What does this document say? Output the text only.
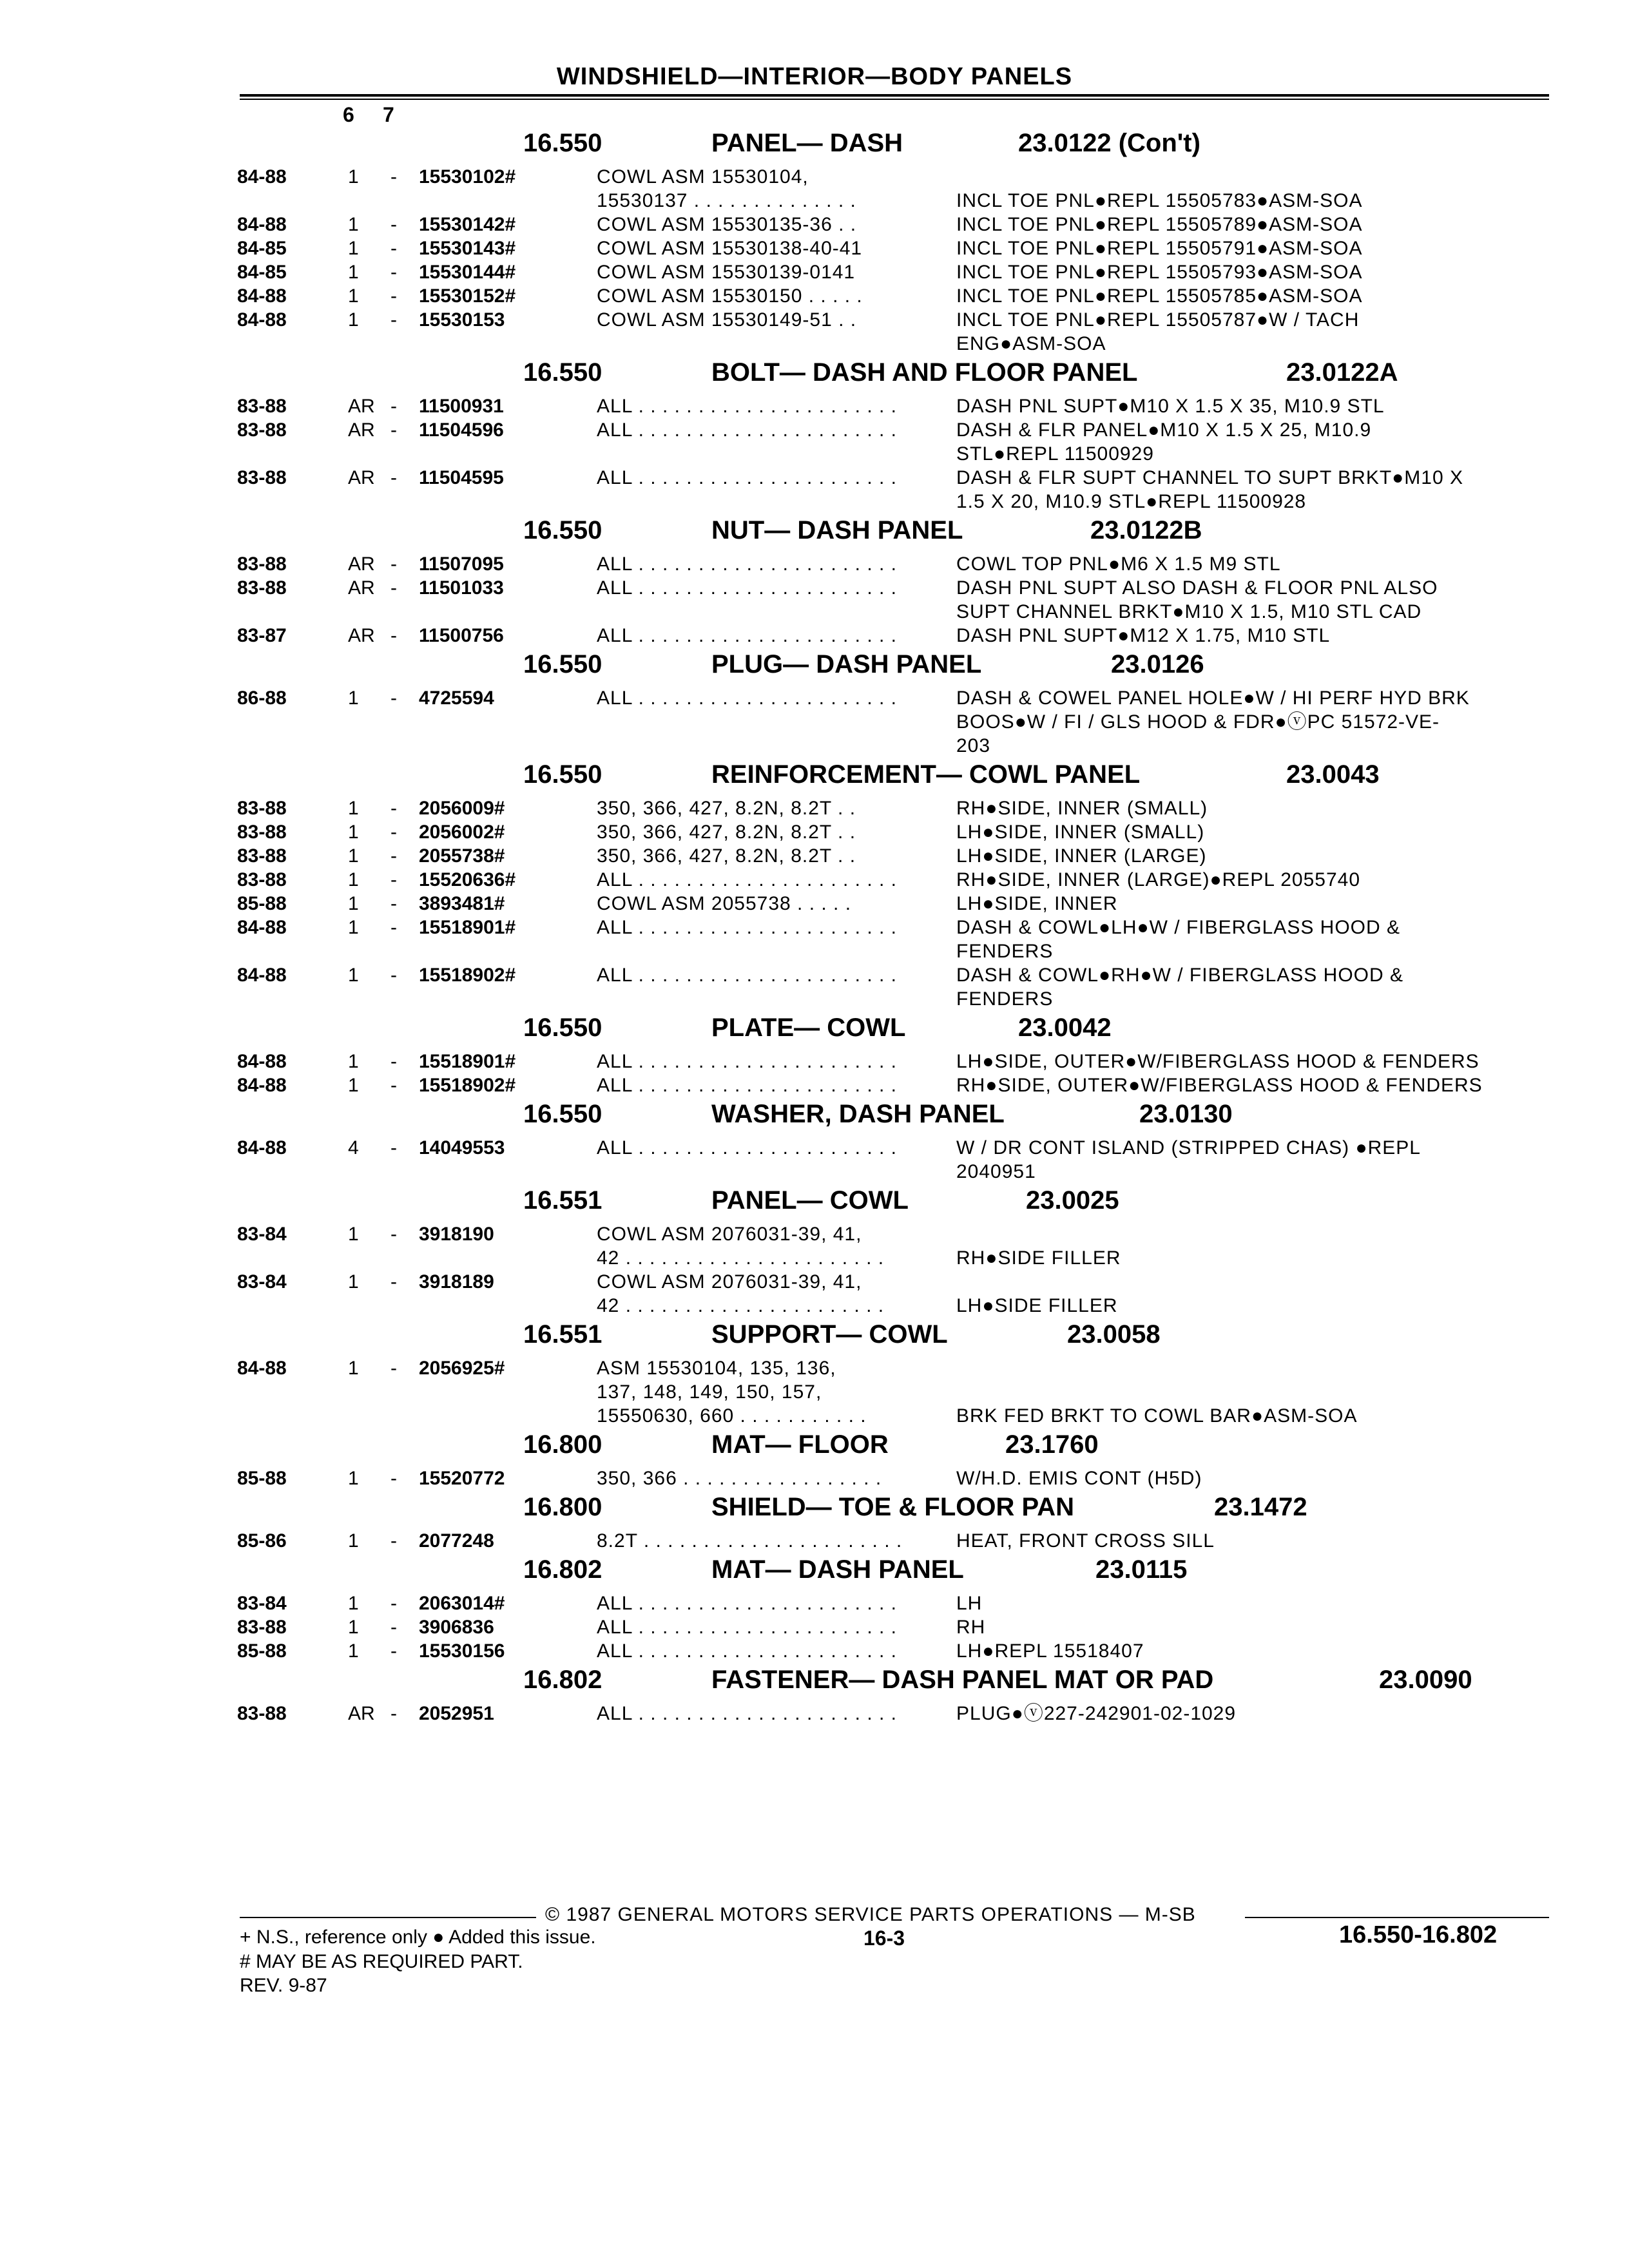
WINDSHIELD—INTERIOR—BODY PANELS
6 7
16.550	PANEL— DASH	23.0122 (Con't)
84-88	1 - 15530102#	COWL ASM 15530104,
15530137 . . . . . . . . . . . . . .	INCL TOE PNL●REPL 15505783●ASM-SOA
84-88	1 - 15530142#	COWL ASM 15530135-36 . .	INCL TOE PNL●REPL 15505789●ASM-SOA
84-85	1 - 15530143#	COWL ASM 15530138-40-41	INCL TOE PNL●REPL 15505791●ASM-SOA
84-85	1 - 15530144#	COWL ASM 15530139-0141	INCL TOE PNL●REPL 15505793●ASM-SOA
84-88	1 - 15530152#	COWL ASM 15530150 . . . . .	INCL TOE PNL●REPL 15505785●ASM-SOA
84-88	1 - 15530153	COWL ASM 15530149-51 . .	INCL TOE PNL●REPL 15505787●W / TACH
ENG●ASM-SOA
16.550	BOLT— DASH AND FLOOR PANEL	23.0122A
83-88	AR - 11500931	ALL . . . . . . . . . . . . . . . . . . . . . .	DASH PNL SUPT●M10 X 1.5 X 35, M10.9 STL
83-88	AR - 11504596	ALL . . . . . . . . . . . . . . . . . . . . . .	DASH & FLR PANEL●M10 X 1.5 X 25, M10.9
STL●REPL 11500929
83-88	AR - 11504595	ALL . . . . . . . . . . . . . . . . . . . . . .	DASH & FLR SUPT CHANNEL TO SUPT BRKT●M10 X
1.5 X 20, M10.9 STL●REPL 11500928
16.550	NUT— DASH PANEL	23.0122B
83-88	AR - 11507095	ALL . . . . . . . . . . . . . . . . . . . . . .	COWL TOP PNL●M6 X 1.5 M9 STL
83-88	AR - 11501033	ALL . . . . . . . . . . . . . . . . . . . . . .	DASH PNL SUPT ALSO DASH & FLOOR PNL ALSO
SUPT CHANNEL BRKT●M10 X 1.5, M10 STL CAD
83-87	AR - 11500756	ALL . . . . . . . . . . . . . . . . . . . . . .	DASH PNL SUPT●M12 X 1.75, M10 STL
16.550	PLUG— DASH PANEL	23.0126
86-88	1 - 4725594	ALL . . . . . . . . . . . . . . . . . . . . . .	DASH & COWEL PANEL HOLE●W / HI PERF HYD BRK
BOOS●W / FI / GLS HOOD & FDR●ⓥPC 51572-VE-
203
16.550	REINFORCEMENT— COWL PANEL	23.0043
83-88	1 - 2056009#	350, 366, 427, 8.2N, 8.2T . .	RH●SIDE, INNER (SMALL)
83-88	1 - 2056002#	350, 366, 427, 8.2N, 8.2T . .	LH●SIDE, INNER (SMALL)
83-88	1 - 2055738#	350, 366, 427, 8.2N, 8.2T . .	LH●SIDE, INNER (LARGE)
83-88	1 - 15520636#	ALL . . . . . . . . . . . . . . . . . . . . . .	RH●SIDE, INNER (LARGE)●REPL 2055740
85-88	1 - 3893481#	COWL ASM 2055738 . . . . .	LH●SIDE, INNER
84-88	1 - 15518901#	ALL . . . . . . . . . . . . . . . . . . . . . .	DASH & COWL●LH●W / FIBERGLASS HOOD &
FENDERS
84-88	1 - 15518902#	ALL . . . . . . . . . . . . . . . . . . . . . .	DASH & COWL●RH●W / FIBERGLASS HOOD &
FENDERS
16.550	PLATE— COWL	23.0042
84-88	1 - 15518901#	ALL . . . . . . . . . . . . . . . . . . . . . .	LH●SIDE, OUTER●W/FIBERGLASS HOOD & FENDERS
84-88	1 - 15518902#	ALL . . . . . . . . . . . . . . . . . . . . . .	RH●SIDE, OUTER●W/FIBERGLASS HOOD & FENDERS
16.550	WASHER, DASH PANEL	23.0130
84-88	4 - 14049553	ALL . . . . . . . . . . . . . . . . . . . . . .	W / DR CONT ISLAND (STRIPPED CHAS) ●REPL
2040951
16.551	PANEL— COWL	23.0025
83-84	1 - 3918190	COWL ASM 2076031-39, 41,
42 . . . . . . . . . . . . . . . . . . . . . .	RH●SIDE FILLER
83-84	1 - 3918189	COWL ASM 2076031-39, 41,
42 . . . . . . . . . . . . . . . . . . . . . .	LH●SIDE FILLER
16.551	SUPPORT— COWL	23.0058
84-88	1 - 2056925#	ASM 15530104, 135, 136,
137, 148, 149, 150, 157,
15550630, 660 . . . . . . . . . . .	BRK FED BRKT TO COWL BAR●ASM-SOA
16.800	MAT— FLOOR	23.1760
85-88	1 - 15520772	350, 366 . . . . . . . . . . . . . . . . .	W/H.D. EMIS CONT (H5D)
16.800	SHIELD— TOE & FLOOR PAN	23.1472
85-86	1 - 2077248	8.2T . . . . . . . . . . . . . . . . . . . . . .	HEAT, FRONT CROSS SILL
16.802	MAT— DASH PANEL	23.0115
83-84	1 - 2063014#	ALL . . . . . . . . . . . . . . . . . . . . . .	LH
83-88	1 - 3906836	ALL . . . . . . . . . . . . . . . . . . . . . .	RH
85-88	1 - 15530156	ALL . . . . . . . . . . . . . . . . . . . . . .	LH●REPL 15518407
16.802	FASTENER— DASH PANEL MAT OR PAD	23.0090
83-88	AR - 2052951	ALL . . . . . . . . . . . . . . . . . . . . . .	PLUG●ⓥ227-242901-02-1029
© 1987 GENERAL MOTORS SERVICE PARTS OPERATIONS — M-SB
+ N.S., reference only ● Added this issue.	16-3	16.550-16.802
# MAY BE AS REQUIRED PART.
REV. 9-87
